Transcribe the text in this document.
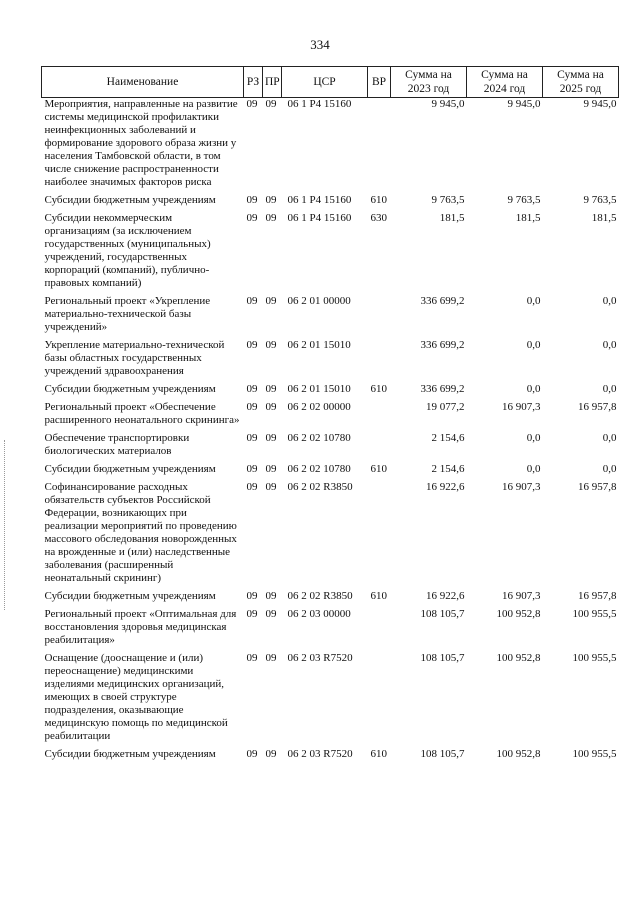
334
Наименование	РЗ	ПР	ЦСР	ВР	Сумма на 2023 год	Сумма на 2024 год	Сумма на 2025 год
Мероприятия, направленные на развитие системы медицинской профилактики неинфекционных заболеваний и формирование здорового образа жизни у населения Тамбовской области, в том числе снижение распространенности наиболее значимых факторов риска	09	09	06 1 Р4 15160		9 945,0	9 945,0	9 945,0
Субсидии бюджетным учреждениям	09	09	06 1 Р4 15160	610	9 763,5	9 763,5	9 763,5
Субсидии некоммерческим организациям (за исключением государственных (муниципальных) учреждений, государственных корпораций (компаний), публично-правовых компаний)	09	09	06 1 Р4 15160	630	181,5	181,5	181,5
Региональный проект «Укрепление материально-технической базы учреждений»	09	09	06 2 01 00000		336 699,2	0,0	0,0
Укрепление материально-технической базы областных государственных учреждений здравоохранения	09	09	06 2 01 15010		336 699,2	0,0	0,0
Субсидии бюджетным учреждениям	09	09	06 2 01 15010	610	336 699,2	0,0	0,0
Региональный проект «Обеспечение расширенного неонатального скрининга»	09	09	06 2 02 00000		19 077,2	16 907,3	16 957,8
Обеспечение транспортировки биологических материалов	09	09	06 2 02 10780		2 154,6	0,0	0,0
Субсидии бюджетным учреждениям	09	09	06 2 02 10780	610	2 154,6	0,0	0,0
Софинансирование расходных обязательств субъектов Российской Федерации, возникающих при реализации мероприятий по проведению массового обследования новорожденных на врожденные и (или) наследственные заболевания (расширенный неонатальный скрининг)	09	09	06 2 02 R3850		16 922,6	16 907,3	16 957,8
Субсидии бюджетным учреждениям	09	09	06 2 02 R3850	610	16 922,6	16 907,3	16 957,8
Региональный проект «Оптимальная для восстановления здоровья медицинская реабилитация»	09	09	06 2 03 00000		108 105,7	100 952,8	100 955,5
Оснащение (дооснащение и (или) переоснащение) медицинскими изделиями медицинских организаций, имеющих в своей структуре подразделения, оказывающие медицинскую помощь по медицинской реабилитации	09	09	06 2 03 R7520		108 105,7	100 952,8	100 955,5
Субсидии бюджетным учреждениям	09	09	06 2 03 R7520	610	108 105,7	100 952,8	100 955,5
